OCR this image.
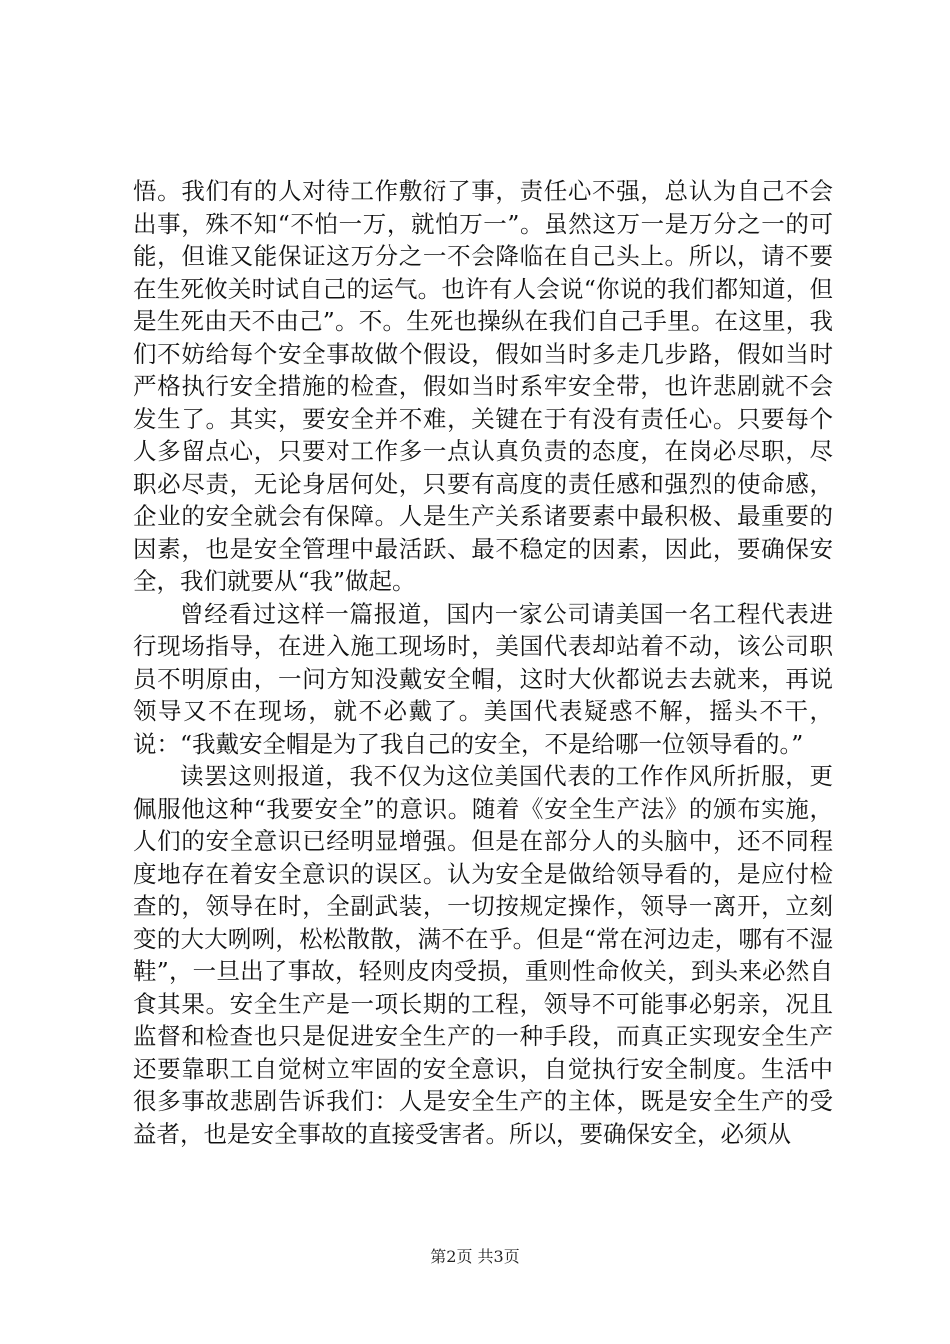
悟。我们有的人对待工作敷衍了事，责任心不强，总认为自己不会出事，殊不知“不怕一万，就怕万一”。虽然这万一是万分之一的可能，但谁又能保证这万分之一不会降临在自己头上。所以，请不要在生死攸关时试自己的运气。也许有人会说“你说的我们都知道，但是生死由天不由己”。不。生死也操纵在我们自己手里。在这里，我们不妨给每个安全事故做个假设，假如当时多走几步路，假如当时严格执行安全措施的检查，假如当时系牢安全带，也许悲剧就不会发生了。其实，要安全并不难，关键在于有没有责任心。只要每个人多留点心，只要对工作多一点认真负责的态度，在岗必尽职，尽职必尽责，无论身居何处，只要有高度的责任感和强烈的使命感，企业的安全就会有保障。人是生产关系诸要素中最积极、最重要的因素，也是安全管理中最活跃、最不稳定的因素，因此，要确保安全，我们就要从“我”做起。

曾经看过这样一篇报道，国内一家公司请美国一名工程代表进行现场指导，在进入施工现场时，美国代表却站着不动，该公司职员不明原由，一问方知没戴安全帽，这时大伙都说去去就来，再说领导又不在现场，就不必戴了。美国代表疑惑不解，摇头不干，说：“我戴安全帽是为了我自己的安全，不是给哪一位领导看的。”

读罢这则报道，我不仅为这位美国代表的工作作风所折服，更佩服他这种“我要安全”的意识。随着《安全生产法》的颁布实施，人们的安全意识已经明显增强。但是在部分人的头脑中，还不同程度地存在着安全意识的误区。认为安全是做给领导看的，是应付检查的，领导在时，全副武装，一切按规定操作，领导一离开，立刻变的大大咧咧，松松散散，满不在乎。但是“常在河边走，哪有不湿鞋”，一旦出了事故，轻则皮肉受损，重则性命攸关，到头来必然自食其果。安全生产是一项长期的工程，领导不可能事必躬亲，况且监督和检查也只是促进安全生产的一种手段，而真正实现安全生产还要靠职工自觉树立牢固的安全意识，自觉执行安全制度。生活中很多事故悲剧告诉我们：人是安全生产的主体，既是安全生产的受益者，也是安全事故的直接受害者。所以，要确保安全，必须从

第2页 共3页
